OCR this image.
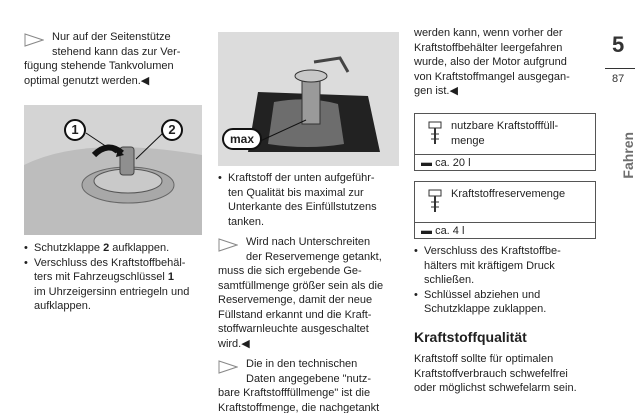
Nur auf der Seitenstütze
stehend kann das zur Ver-
fügung stehende Tankvolumen
optimal genutzt werden.◀
1	2
• Schutzklappe 2 aufklappen.
• Verschluss des Kraftstoffbehäl-
ters mit Fahrzeugschlüssel 1
im Uhrzeigersinn entriegeln und
aufklappen.
max
• Kraftstoff der unten aufgeführ-
ten Qualität bis maximal zur
Unterkante des Einfüllstutzens
tanken.
Wird nach Unterschreiten
der Reservemenge getankt,
muss die sich ergebende Ge-
samtfüllmenge größer sein als die
Reservemenge, damit der neue
Füllstand erkannt und die Kraft-
stoffwarnleuchte ausgeschaltet
wird.◀
Die in den technischen
Daten angegebene "nutz-
bare Kraftstofffüllmenge" ist die
Kraftstoffmenge, die nachgetankt
werden kann, wenn vorher der
Kraftstoffbehälter leergefahren
wurde, also der Motor aufgrund
von Kraftstoffmangel ausgegan-
gen ist.◀
nutzbare Kraftstofffüll-
menge
▬ ca. 20 l
Kraftstoffreservemenge
▬ ca. 4 l
• Verschluss des Kraftstoffbe-
hälters mit kräftigem Druck
schließen.
• Schlüssel abziehen und
Schutzklappe zuklappen.
Kraftstoffqualität
Kraftstoff sollte für optimalen
Kraftstoffverbrauch schwefelfrei
oder möglichst schwefelarm sein.
5
87
Fahren
